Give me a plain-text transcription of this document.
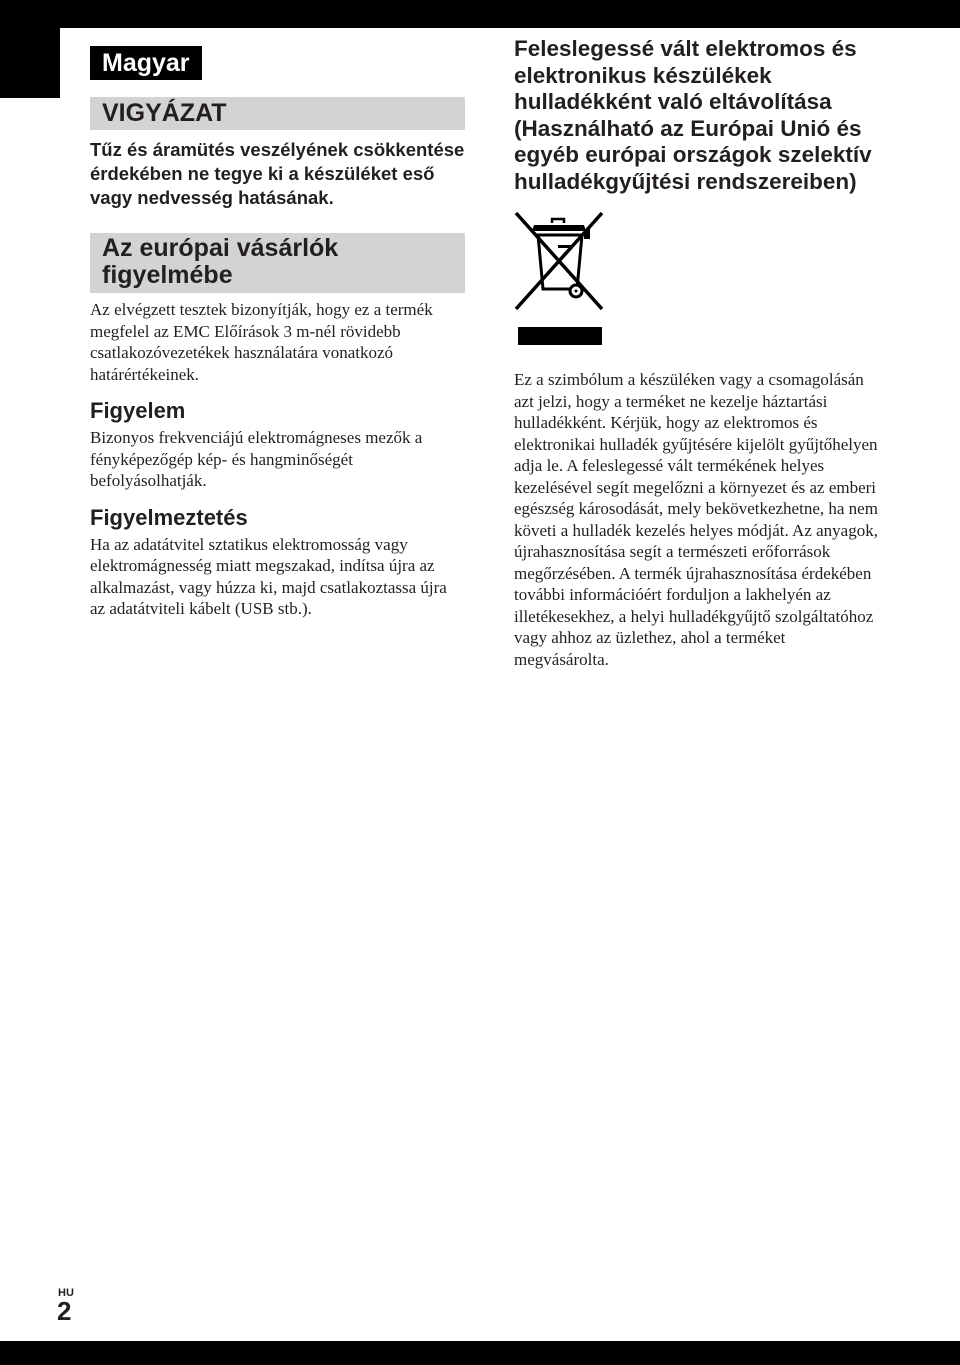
Magyar
VIGYÁZAT
Tűz és áramütés veszélyének csökkentése érdekében ne tegye ki a készüléket eső vagy nedvesség hatásának.
Az európai vásárlók figyelmébe

Az elvégzett tesztek bizonyítják, hogy ez a termék megfelel az EMC Előírások 3 m-nél rövidebb csatlakozóvezetékek használatára vonatkozó határértékeinek.

Figyelem

Bizonyos frekvenciájú elektromágneses mezők a fényképezőgép kép- és hangminőségét befolyásolhatják.

Figyelmeztetés

Ha az adatátvitel sztatikus elektromosság vagy elektromágnesség miatt megszakad, indítsa újra az alkalmazást, vagy húzza ki, majd csatlakoztassa újra az adatátviteli kábelt (USB stb.).

Feleslegessé vált elektromos és elektronikus készülékek hulladékként való eltávolítása (Használható az Európai Unió és egyéb európai országok szelektív hulladékgyűjtési rendszereiben)

Ez a szimbólum a készüléken vagy a csomagolásán azt jelzi, hogy a terméket ne kezelje háztartási hulladékként. Kérjük, hogy az elektromos és elektronikai hulladék gyűjtésére kijelölt gyűjtőhelyen adja le. A feleslegessé vált termékének helyes kezelésével segít megelőzni a környezet és az emberi egészség károsodását, mely bekövetkezhetne, ha nem követi a hulladék kezelés helyes módját. Az anyagok, újrahasznosítása segít a természeti erőforrások megőrzésében. A termék újrahasznosítása érdekében további információért forduljon a lakhelyén az illetékesekhez, a helyi hulladékgyűjtő szolgáltatóhoz vagy ahhoz az üzlethez, ahol a terméket megvásárolta.

HU
2
